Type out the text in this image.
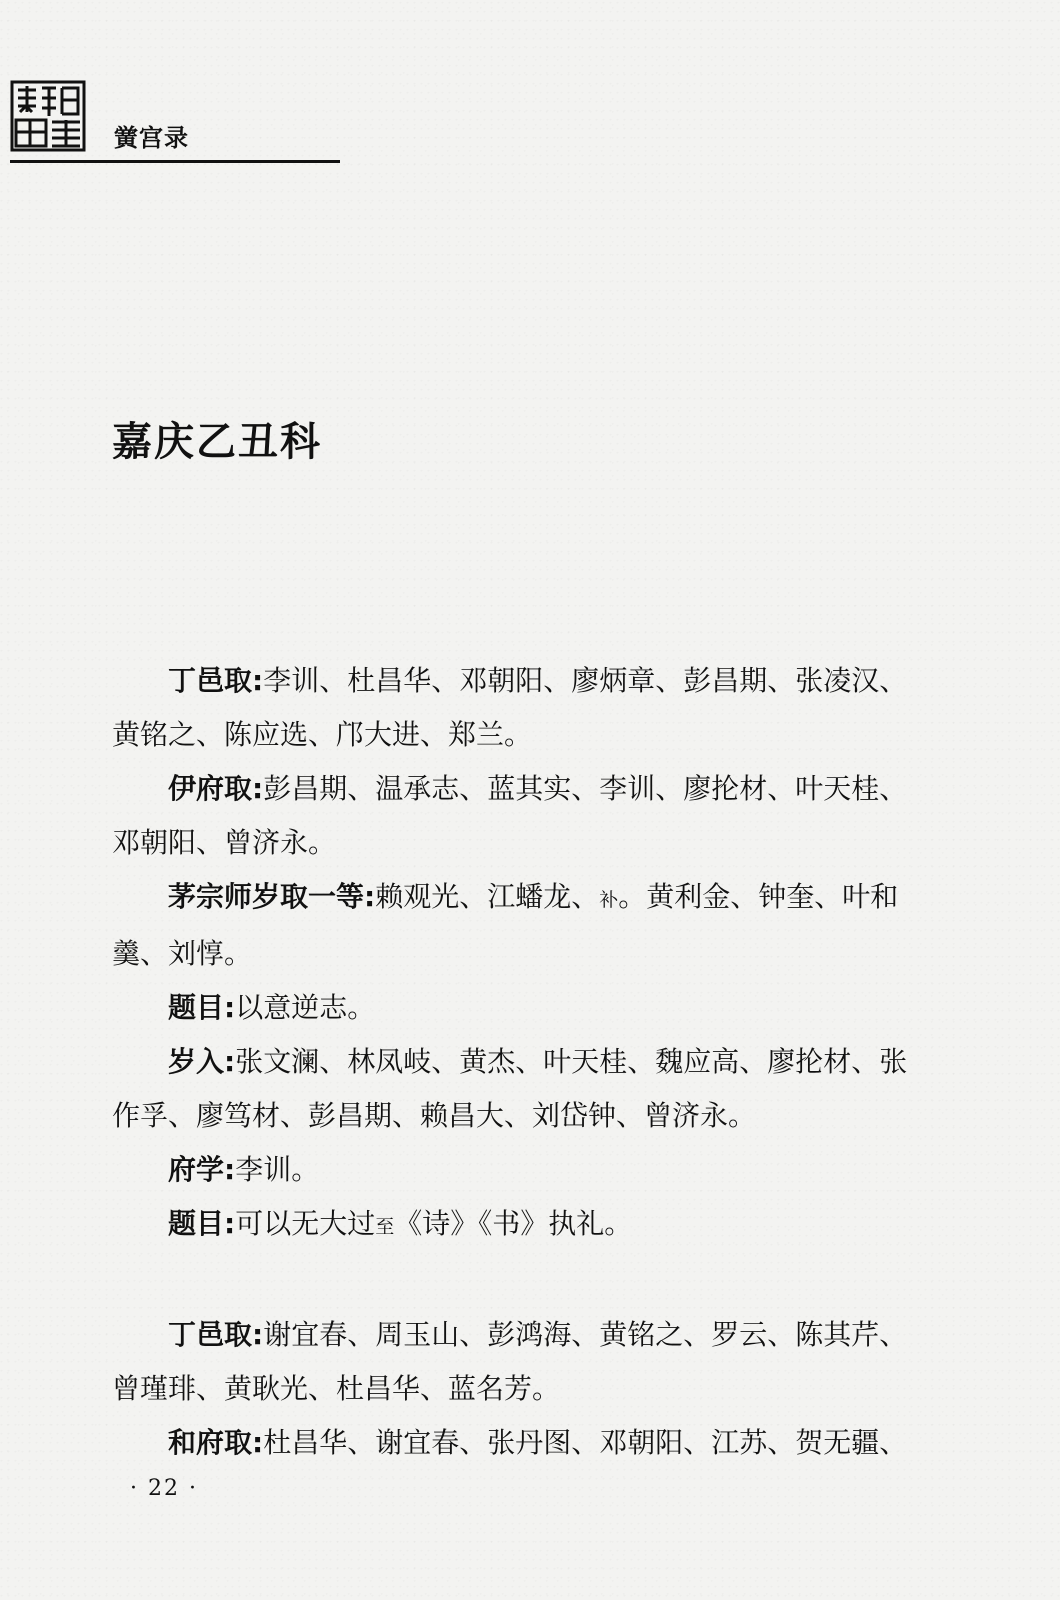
黉宫录
嘉庆乙丑科

丁邑取:李训、杜昌华、邓朝阳、廖炳章、彭昌期、张凌汉、黄铭之、陈应选、邝大进、郑兰。

伊府取:彭昌期、温承志、蓝其实、李训、廖抡材、叶天桂、邓朝阳、曾济永。

茅宗师岁取一等:赖观光、江蟠龙、补。黄利金、钟奎、叶和羹、刘惇。

题目:以意逆志。

岁入:张文澜、林凤岐、黄杰、叶天桂、魏应高、廖抡材、张作孚、廖笃材、彭昌期、赖昌大、刘岱钟、曾济永。

府学:李训。

题目:可以无大过至《诗》《书》执礼。

丁邑取:谢宜春、周玉山、彭鸿海、黄铭之、罗云、陈其芹、曾瑾琲、黄耿光、杜昌华、蓝名芳。

和府取:杜昌华、谢宜春、张丹图、邓朝阳、江苏、贺无疆、

· 22 ·
